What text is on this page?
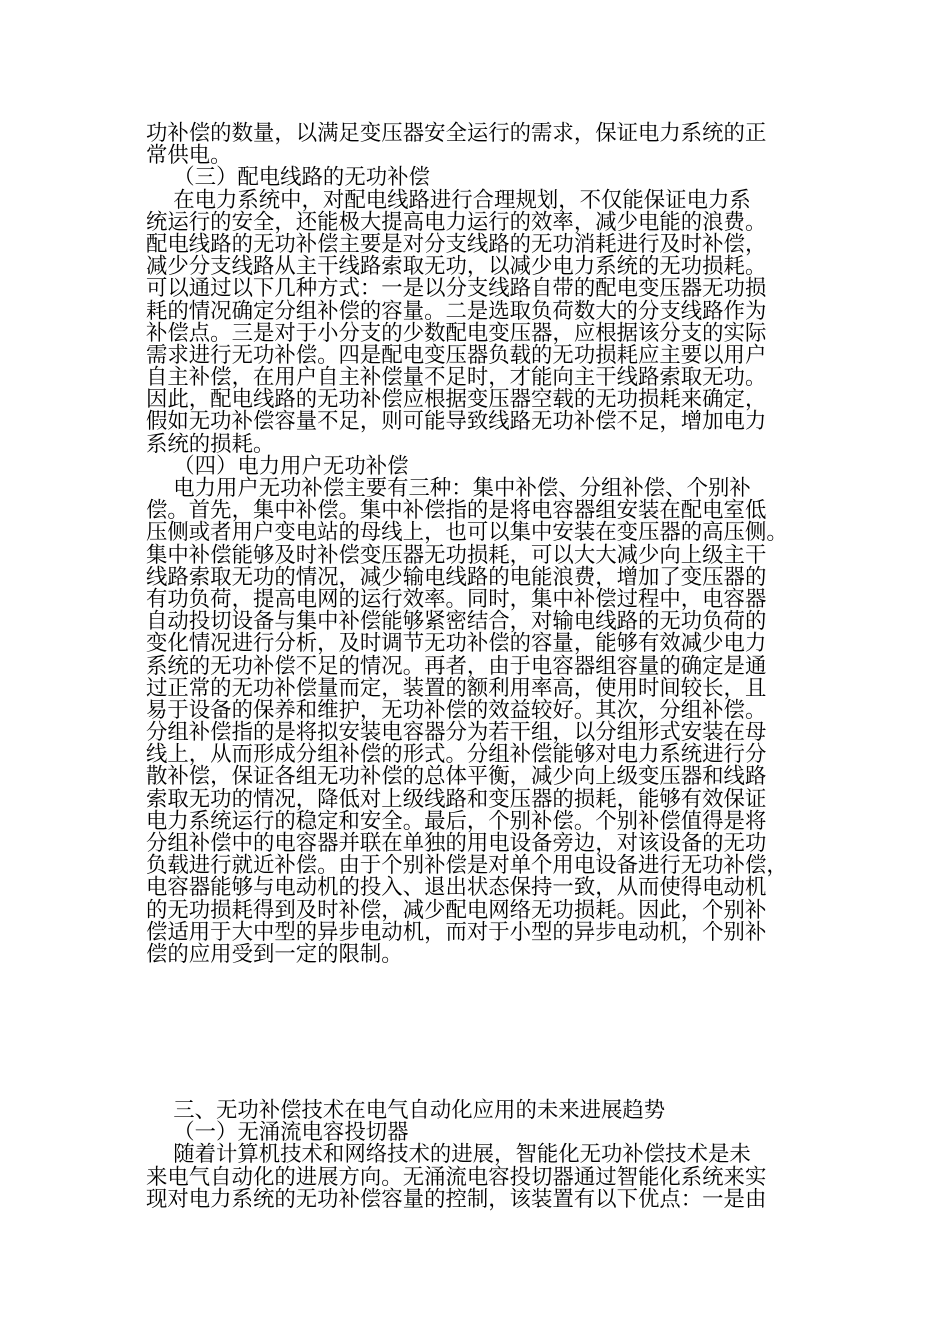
功补偿的数量，以满足变压器安全运行的需求，保证电力系统的正
常供电。
（三）配电线路的无功补偿
在电力系统中，对配电线路进行合理规划，不仅能保证电力系
统运行的安全，还能极大提高电力运行的效率，减少电能的浪费。
配电线路的无功补偿主要是对分支线路的无功消耗进行及时补偿，
减少分支线路从主干线路索取无功，以减少电力系统的无功损耗。
可以通过以下几种方式：一是以分支线路自带的配电变压器无功损
耗的情况确定分组补偿的容量。二是选取负荷数大的分支线路作为
补偿点。三是对于小分支的少数配电变压器，应根据该分支的实际
需求进行无功补偿。四是配电变压器负载的无功损耗应主要以用户
自主补偿，在用户自主补偿量不足时，才能向主干线路索取无功。
因此，配电线路的无功补偿应根据变压器空载的无功损耗来确定，
假如无功补偿容量不足，则可能导致线路无功补偿不足，增加电力
系统的损耗。
（四）电力用户无功补偿
电力用户无功补偿主要有三种：集中补偿、分组补偿、个别补
偿。首先，集中补偿。集中补偿指的是将电容器组安装在配电室低
压侧或者用户变电站的母线上，也可以集中安装在变压器的高压侧。
集中补偿能够及时补偿变压器无功损耗，可以大大减少向上级主干
线路索取无功的情况，减少输电线路的电能浪费，增加了变压器的
有功负荷，提高电网的运行效率。同时，集中补偿过程中，电容器
自动投切设备与集中补偿能够紧密结合，对输电线路的无功负荷的
变化情况进行分析，及时调节无功补偿的容量，能够有效减少电力
系统的无功补偿不足的情况。再者，由于电容器组容量的确定是通
过正常的无功补偿量而定，装置的额利用率高，使用时间较长，且
易于设备的保养和维护，无功补偿的效益较好。其次，分组补偿。
分组补偿指的是将拟安装电容器分为若干组，以分组形式安装在母
线上，从而形成分组补偿的形式。分组补偿能够对电力系统进行分
散补偿，保证各组无功补偿的总体平衡，减少向上级变压器和线路
索取无功的情况，降低对上级线路和变压器的损耗，能够有效保证
电力系统运行的稳定和安全。最后，个别补偿。个别补偿值得是将
分组补偿中的电容器并联在单独的用电设备旁边，对该设备的无功
负载进行就近补偿。由于个别补偿是对单个用电设备进行无功补偿，
电容器能够与电动机的投入、退出状态保持一致，从而使得电动机
的无功损耗得到及时补偿，减少配电网络无功损耗。因此，个别补
偿适用于大中型的异步电动机，而对于小型的异步电动机，个别补
偿的应用受到一定的限制。
三、无功补偿技术在电气自动化应用的未来进展趋势
（一）无涌流电容投切器
随着计算机技术和网络技术的进展，智能化无功补偿技术是未
来电气自动化的进展方向。无涌流电容投切器通过智能化系统来实
现对电力系统的无功补偿容量的控制，该装置有以下优点：一是由
